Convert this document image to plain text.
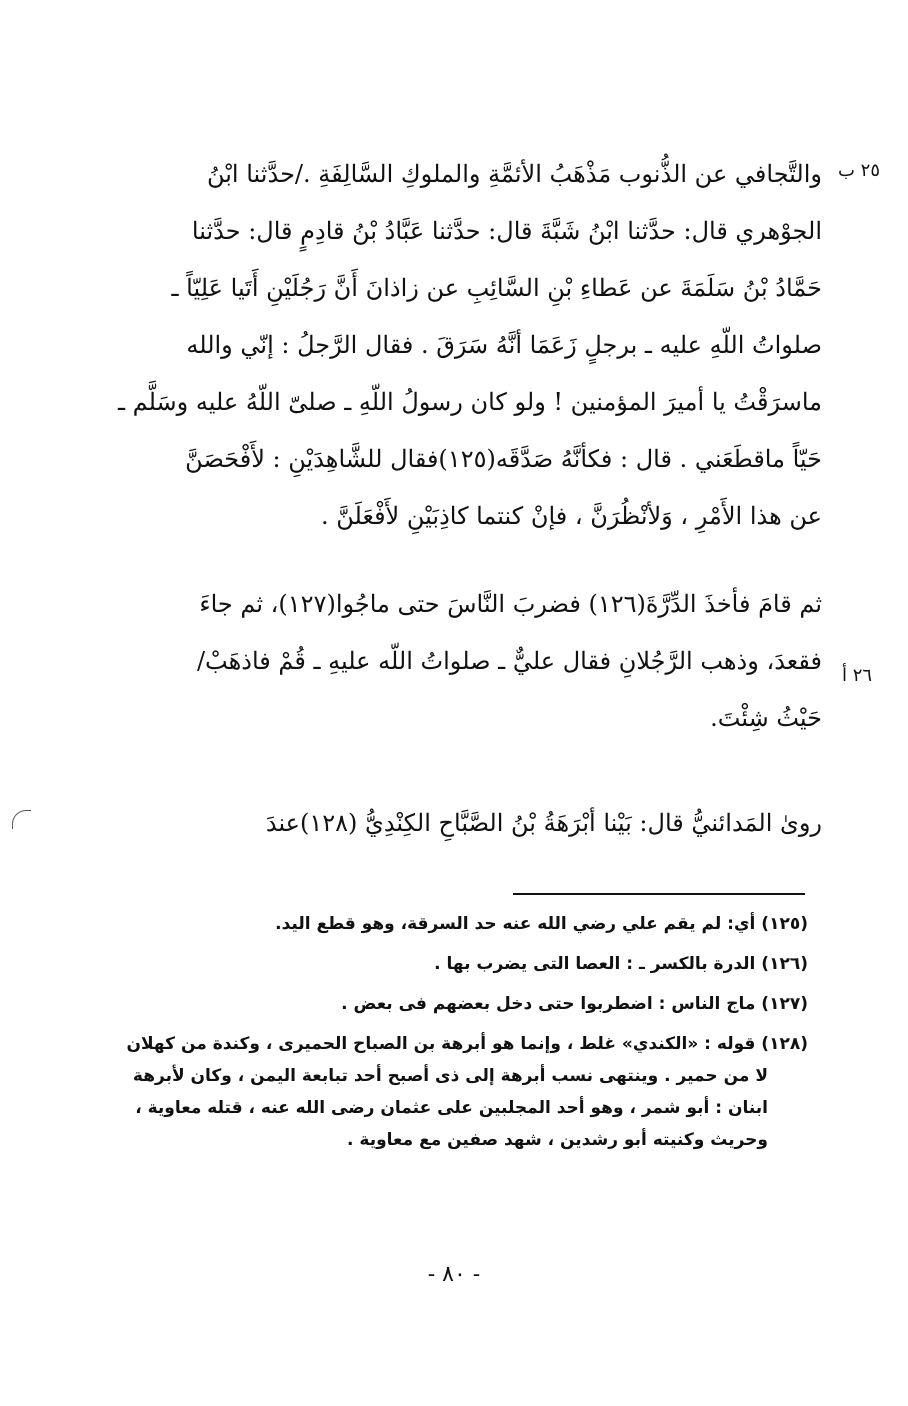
٢٥ ب
٢٦ أ

والتَّجافي عن الذُّنوب مَذْهَبُ الأئمَّةِ والملوكِ السَّالِفَةِ ./حدَّثنا ابْنُ
الجوْهري قال: حدَّثنا ابْنُ شَبَّةَ قال: حدَّثنا عَبَّادُ بْنُ قادِمٍ قال: حدَّثنا
حَمَّادُ بْنُ سَلَمَةَ عن عَطاءِ بْنِ السَّائِبِ عن زاذانَ أَنَّ رَجُلَيْنِ أَتَيا عَلِيّاً ـ
صلواتُ اللّهِ عليه ـ برجلٍ زَعَمَا أنَّهُ سَرَقَ . فقال الرَّجلُ : إنّي والله
ماسرَقْتُ يا أميرَ المؤمنين ! ولو كان رسولُ اللّهِ ـ صلىّ اللّهُ عليه وسَلَّم ـ
حَيّاً ماقطَعَني . قال : فكأنَّهُ صَدَّقَه(١٢٥)فقال للشَّاهِدَيْنِ : لأَفْحَصَنَّ
عن هذا الأَمْرِ ، وَلأنْظُرَنَّ ، فإنْ كنتما كاذِبَيْنِ لأَفْعَلَنَّ .

ثم قامَ فأخذَ الدِّرَّةَ(١٢٦) فضربَ النَّاسَ حتى ماجُوا(١٢٧)، ثم جاءَ
فقعدَ، وذهب الرَّجُلانِ فقال عليٌّ ـ صلواتُ اللّه عليهِ ـ قُمْ فاذهَبْ/
حَيْثُ شِئْتَ.

روىٰ المَدائنيُّ قال: بَيْنا أبْرَهَةُ بْنُ الصَّبَّاحِ الكِنْدِيُّ (١٢٨)عندَ

(١٢٥) أي: لم يقم علي رضي الله عنه حد السرقة، وهو قطع اليد.
(١٢٦) الدرة بالكسر ـ : العصا التى يضرب بها .
(١٢٧) ماج الناس : اضطربوا حتى دخل بعضهم فى بعض .
(١٢٨) قوله : «الكندي» غلط ، وإنما هو أبرهة بن الصباح الحميرى ، وكندة من كهلان
لا من حمير . وينتهى نسب أبرهة إلى ذى أصبح أحد تبابعة اليمن ، وكان لأبرهة
ابنان : أبو شمر ، وهو أحد المجلبين على عثمان رضى الله عنه ، قتله معاوية ،
وحريث وكنيته أبو رشدين ، شهد صفين مع معاوية .
- ٨٠ -
